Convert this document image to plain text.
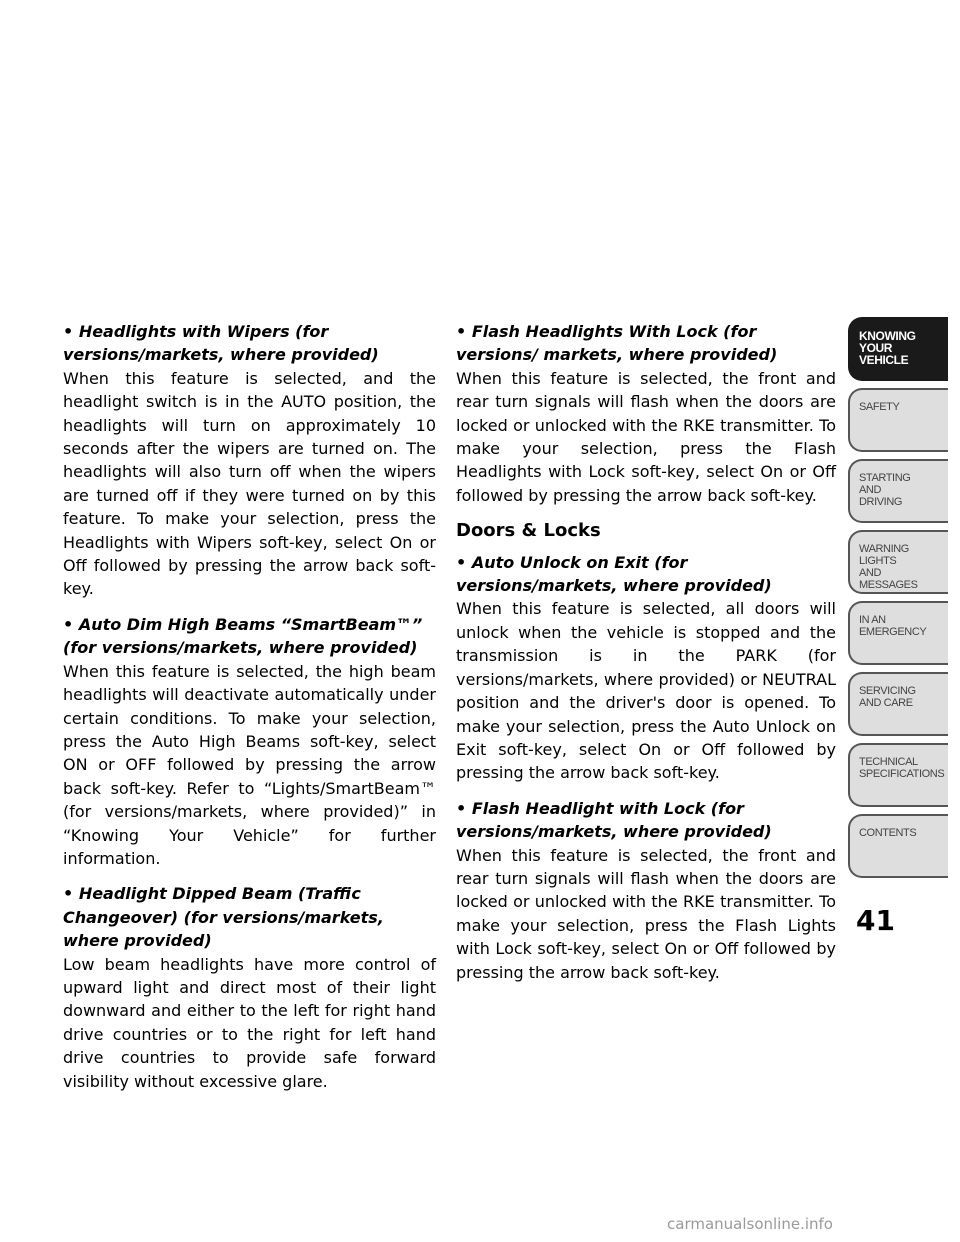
• Headlights with Wipers (for versions/markets, where provided)

When this feature is selected, and the headlight switch is in the AUTO position, the headlights will turn on approximately 10 seconds after the wipers are turned on. The headlights will also turn off when the wipers are turned off if they were turned on by this feature. To make your selection, press the Headlights with Wipers soft-key, select On or Off followed by pressing the arrow back soft-key.

• Auto Dim High Beams “SmartBeam™” (for versions/markets, where provided)

When this feature is selected, the high beam headlights will deactivate automatically under certain conditions. To make your selection, press the Auto High Beams soft-key, select ON or OFF followed by pressing the arrow back soft-key. Refer to “Lights/SmartBeam™ (for versions/markets, where provided)” in “Knowing Your Vehicle” for further information.

• Headlight Dipped Beam (Traffic Changeover) (for versions/markets, where provided)

Low beam headlights have more control of upward light and direct most of their light downward and either to the left for right hand drive countries or to the right for left hand drive countries to provide safe forward visibility without excessive glare.

• Flash Headlights With Lock (for versions/ markets, where provided)

When this feature is selected, the front and rear turn signals will flash when the doors are locked or unlocked with the RKE transmitter. To make your selection, press the Flash Headlights with Lock soft-key, select On or Off followed by pressing the arrow back soft-key.

Doors & Locks

• Auto Unlock on Exit (for versions/markets, where provided)

When this feature is selected, all doors will unlock when the vehicle is stopped and the transmission is in the PARK (for versions/markets, where provided) or NEUTRAL position and the driver's door is opened. To make your selection, press the Auto Unlock on Exit soft-key, select On or Off followed by pressing the arrow back soft-key.

• Flash Headlight with Lock (for versions/markets, where provided)

When this feature is selected, the front and rear turn signals will flash when the doors are locked or unlocked with the RKE transmitter. To make your selection, press the Flash Lights with Lock soft-key, select On or Off followed by pressing the arrow back soft-key.

KNOWING
YOUR
VEHICLE
SAFETY
STARTING
AND
DRIVING
WARNING
LIGHTS
AND
MESSAGES
IN AN
EMERGENCY
SERVICING
AND CARE
TECHNICAL
SPECIFICATIONS
CONTENTS
41
carmanualsonline.info
